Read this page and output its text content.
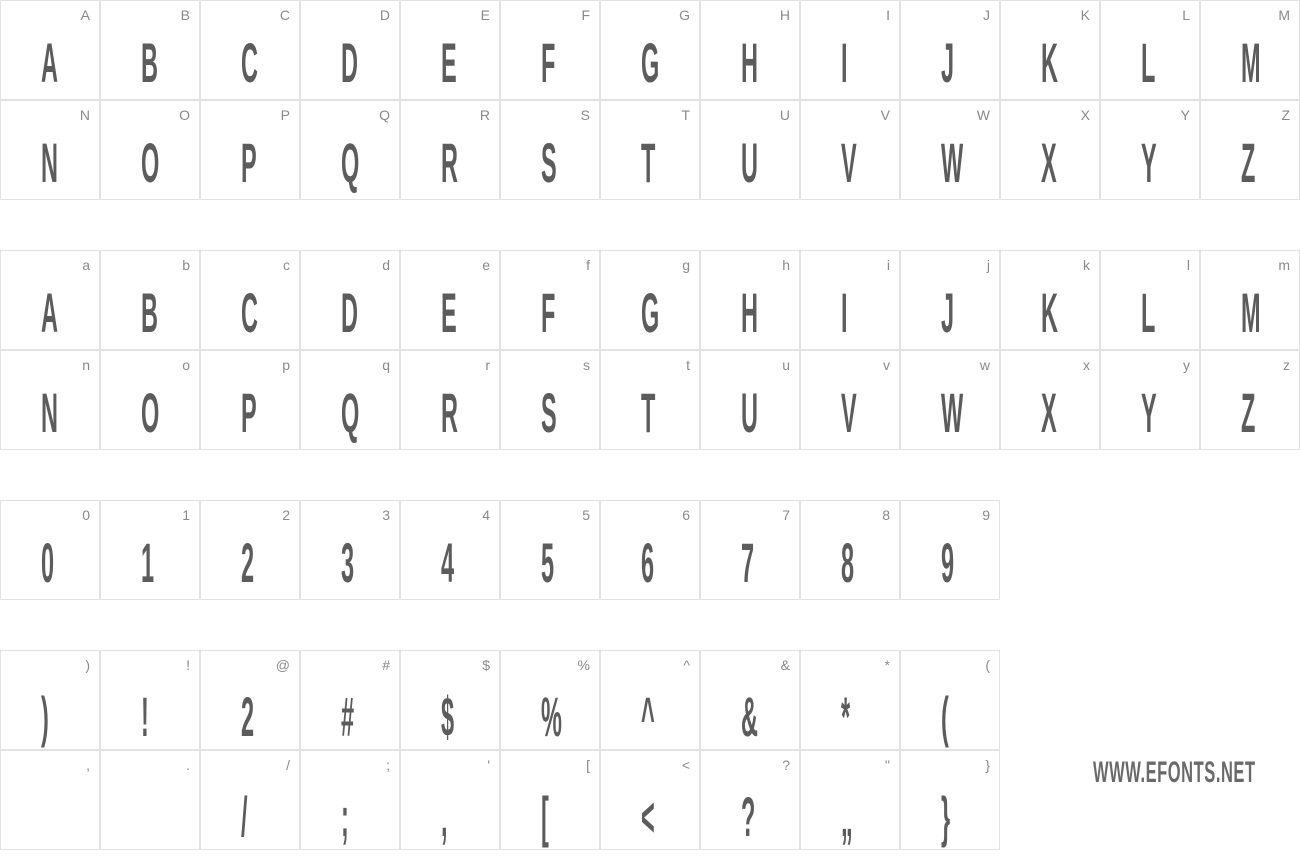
A
A
B
B
C
C
D
D
E
E
F
F
G
G
H
H
I
I
J
J
K
K
L
L
M
M
N
N
O
O
P
P
Q
Q
R
R
S
S
T
T
U
U
V
V
W
W
X
X
Y
Y
Z
Z
a
A
b
B
c
C
d
D
e
E
f
F
g
G
h
H
i
I
j
J
k
K
l
L
m
M
n
N
o
O
p
P
q
Q
r
R
s
S
t
T
u
U
v
V
w
W
x
X
y
Y
z
Z
0
0
1
1
2
2
3
3
4
4
5
5
6
6
7
7
8
8
9
9
)
)
!
!
@
2
#
#
$
$
%
%
^
^
&
&
*
*
(
(
,	.	/
/
;
;
'
,
[
[
<
<
?
?
"
„
}
}
WWW.EFONTS.NET
